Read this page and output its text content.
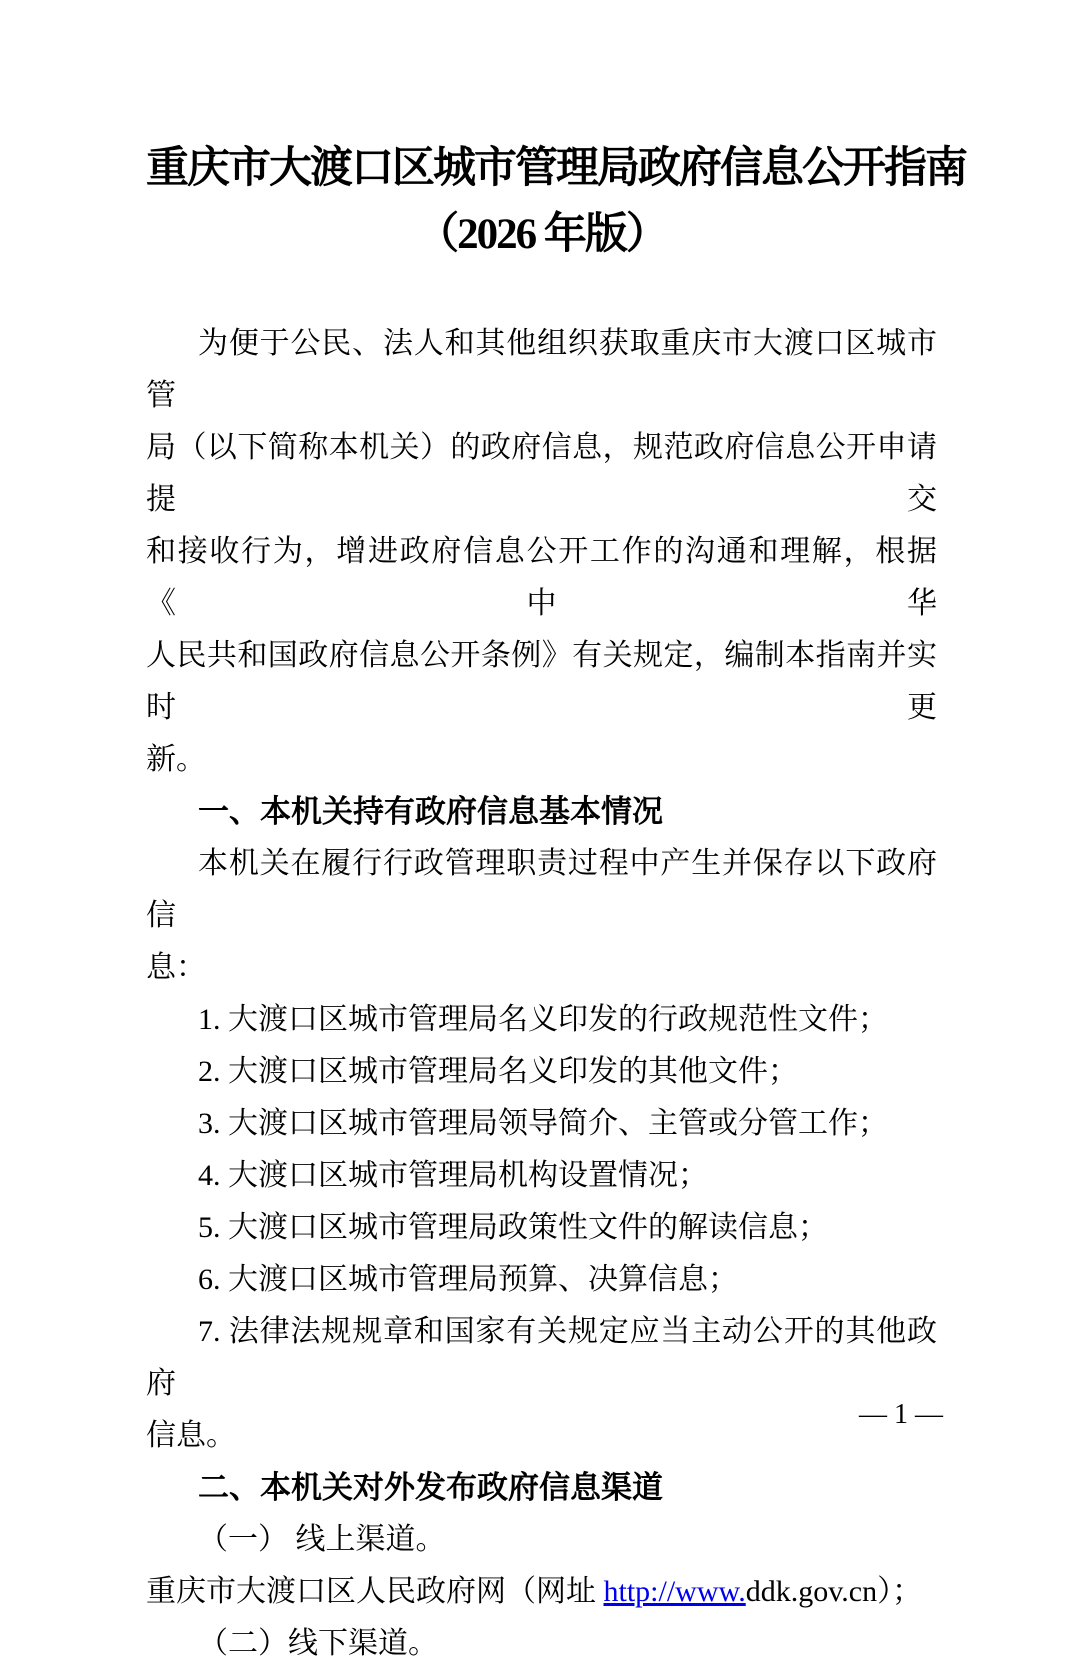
重庆市大渡口区城市管理局政府信息公开指南
（2026 年版）
为便于公民、法人和其他组织获取重庆市大渡口区城市管
局（以下简称本机关）的政府信息，规范政府信息公开申请提交
和接收行为，增进政府信息公开工作的沟通和理解，根据《中华
人民共和国政府信息公开条例》有关规定，编制本指南并实时更
新。
一、本机关持有政府信息基本情况
本机关在履行行政管理职责过程中产生并保存以下政府信
息：
1. 大渡口区城市管理局名义印发的行政规范性文件；
2. 大渡口区城市管理局名义印发的其他文件；
3. 大渡口区城市管理局领导简介、主管或分管工作；
4. 大渡口区城市管理局机构设置情况；
5. 大渡口区城市管理局政策性文件的解读信息；
6. 大渡口区城市管理局预算、决算信息；
7. 法律法规规章和国家有关规定应当主动公开的其他政府
信息。
二、本机关对外发布政府信息渠道
（一） 线上渠道。
重庆市大渡口区人民政府网（网址 http://www.ddk.gov.cn）；
（二）线下渠道。
— 1 —
